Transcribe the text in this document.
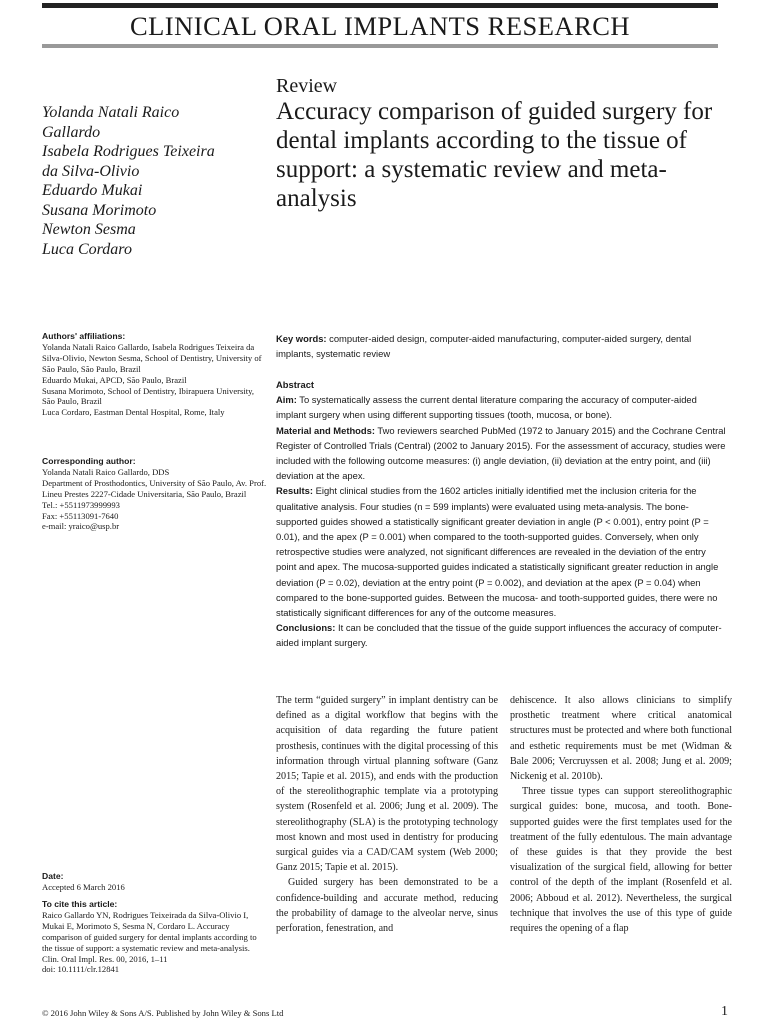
CLINICAL ORAL IMPLANTS RESEARCH
Review
Accuracy comparison of guided surgery for dental implants according to the tissue of support: a systematic review and meta-analysis
Yolanda Natali Raico
Gallardo
Isabela Rodrigues Teixeira
da Silva-Olivio
Eduardo Mukai
Susana Morimoto
Newton Sesma
Luca Cordaro
Authors' affiliations:
Yolanda Natali Raico Gallardo, Isabela Rodrigues Teixeira da Silva-Olivio, Newton Sesma, School of Dentistry, University of São Paulo, São Paulo, Brazil
Eduardo Mukai, APCD, São Paulo, Brazil
Susana Morimoto, School of Dentistry, Ibirapuera University, São Paulo, Brazil
Luca Cordaro, Eastman Dental Hospital, Rome, Italy
Corresponding author:
Yolanda Natali Raico Gallardo, DDS
Department of Prosthodontics, University of São Paulo, Av. Prof. Lineu Prestes 2227-Cidade Universitaria, São Paulo, Brazil
Tel.: +5511973999993
Fax: +55113091-7640
e-mail: yraico@usp.br
Date:
Accepted 6 March 2016
To cite this article:
Raico Gallardo YN, Rodrigues Teixeirada da Silva-Olivio I, Mukai E, Morimoto S, Sesma N, Cordaro L. Accuracy comparison of guided surgery for dental implants according to the tissue of support: a systematic review and meta-analysis.
Clin. Oral Impl. Res. 00, 2016, 1–11
doi: 10.1111/clr.12841

Key words: computer-aided design, computer-aided manufacturing, computer-aided surgery, dental implants, systematic review

Abstract

Aim: To systematically assess the current dental literature comparing the accuracy of computer-aided implant surgery when using different supporting tissues (tooth, mucosa, or bone).

Material and Methods: Two reviewers searched PubMed (1972 to January 2015) and the Cochrane Central Register of Controlled Trials (Central) (2002 to January 2015). For the assessment of accuracy, studies were included with the following outcome measures: (i) angle deviation, (ii) deviation at the entry point, and (iii) deviation at the apex.

Results: Eight clinical studies from the 1602 articles initially identified met the inclusion criteria for the qualitative analysis. Four studies (n = 599 implants) were evaluated using meta-analysis. The bone-supported guides showed a statistically significant greater deviation in angle (P < 0.001), entry point (P = 0.01), and the apex (P = 0.001) when compared to the tooth-supported guides. Conversely, when only retrospective studies were analyzed, not significant differences are revealed in the deviation of the entry point and apex. The mucosa-supported guides indicated a statistically significant greater reduction in angle deviation (P = 0.02), deviation at the entry point (P = 0.002), and deviation at the apex (P = 0.04) when compared to the bone-supported guides. Between the mucosa- and tooth-supported guides, there were no statistically significant differences for any of the outcome measures.

Conclusions: It can be concluded that the tissue of the guide support influences the accuracy of computer-aided implant surgery.

The term “guided surgery” in implant dentistry can be defined as a digital workflow that begins with the acquisition of data regarding the future patient prosthesis, continues with the digital processing of this information through virtual planning software (Ganz 2015; Tapie et al. 2015), and ends with the production of the stereolithographic template via a prototyping system (Rosenfeld et al. 2006; Jung et al. 2009). The stereolithography (SLA) is the prototyping technology most known and most used in dentistry for producing surgical guides via a CAD/CAM system (Web 2000; Ganz 2015; Tapie et al. 2015).

Guided surgery has been demonstrated to be a confidence-building and accurate method, reducing the probability of damage to the alveolar nerve, sinus perforation, fenestration, and

dehiscence. It also allows clinicians to simplify prosthetic treatment where critical anatomical structures must be protected and where both functional and esthetic requirements must be met (Widman & Bale 2006; Vercruyssen et al. 2008; Jung et al. 2009; Nickenig et al. 2010b).

Three tissue types can support stereolithographic surgical guides: bone, mucosa, and tooth. Bone-supported guides were the first templates used for the treatment of the fully edentulous. The main advantage of these guides is that they provide the best visualization of the surgical field, allowing for better control of the depth of the implant (Rosenfeld et al. 2006; Abboud et al. 2012). Nevertheless, the surgical technique that involves the use of this type of guide requires the opening of a flap

© 2016 John Wiley & Sons A/S. Published by John Wiley & Sons Ltd	1
